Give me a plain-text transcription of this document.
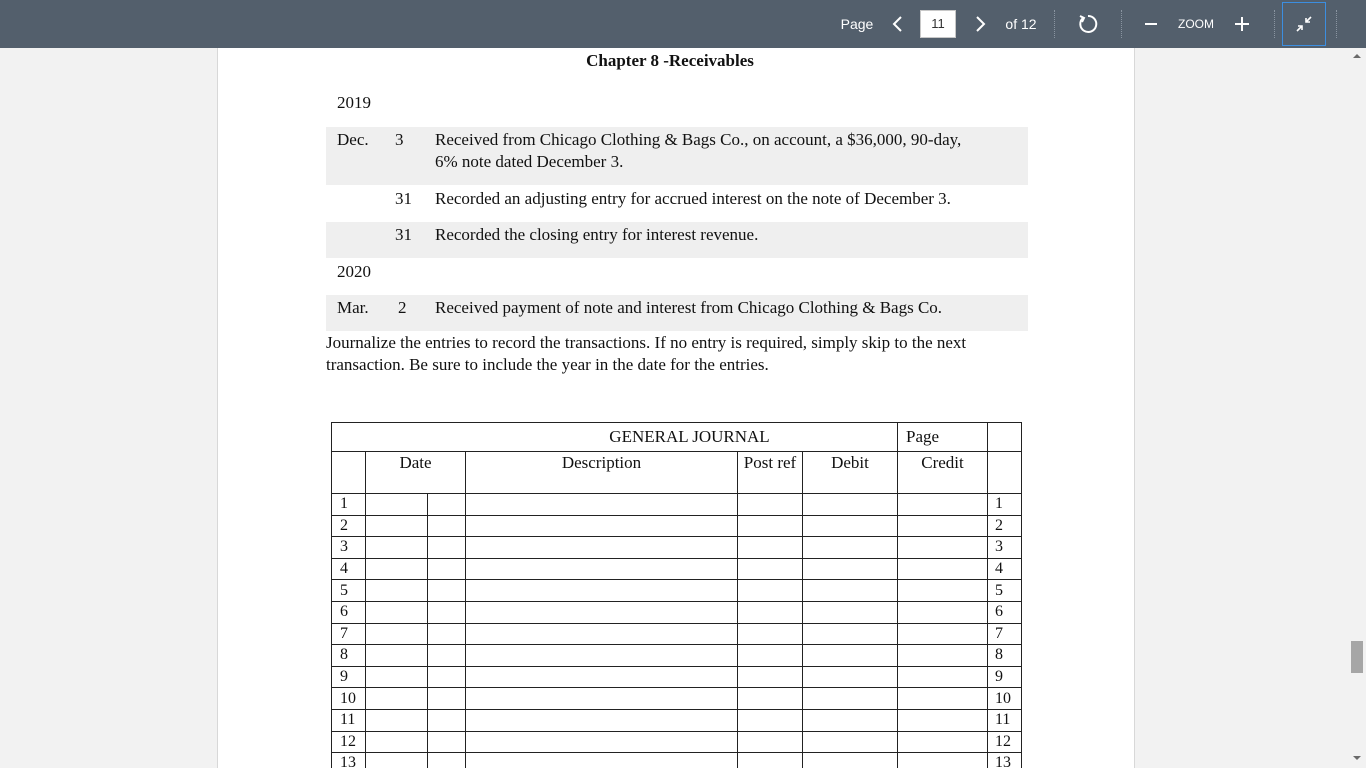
Page	11	of 12	ZOOM
Chapter 8 -Receivables
2019
Dec. 3 Received from Chicago Clothing & Bags Co., on account, a $36,000, 90-day,
6% note dated December 3.
31 Recorded an adjusting entry for accrued interest on the note of December 3.
31 Recorded the closing entry for interest revenue.
2020
Mar. 2 Received payment of note and interest from Chicago Clothing & Bags Co.
Journalize the entries to record the transactions. If no entry is required, simply skip to the next transaction. Be sure to include the year in the date for the entries.
GENERAL JOURNAL						Page	
	Date		Description	Post ref	Debit	Credit	
1							1
2							2
3							3
4							4
5							5
6							6
7							7
8							8
9							9
10							10
11							11
12							12
13							13
